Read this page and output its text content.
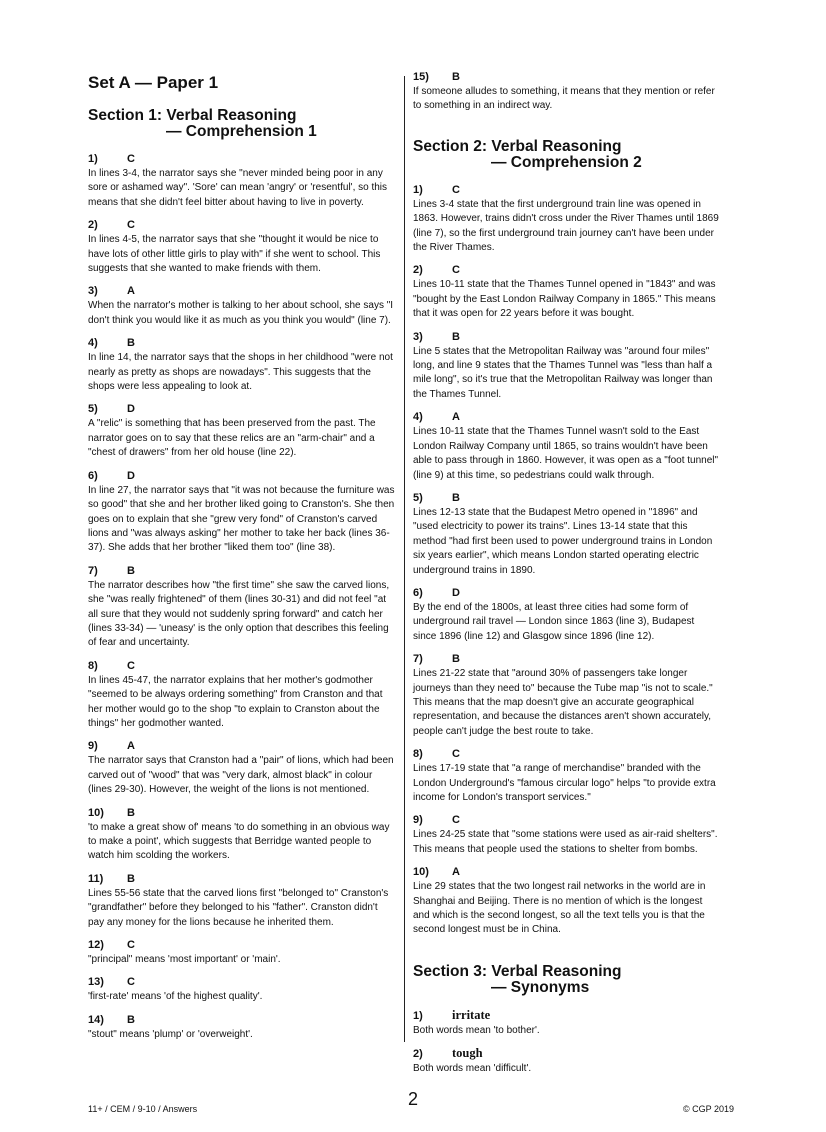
Set A — Paper 1
Section 1: Verbal Reasoning
— Comprehension 1
1)	C
In lines 3-4, the narrator says she "never minded being poor in any sore or ashamed way". 'Sore' can mean 'angry' or 'resentful', so this means that she didn't feel bitter about having to live in poverty.
2)	C
In lines 4-5, the narrator says that she "thought it would be nice to have lots of other little girls to play with" if she went to school. This suggests that she wanted to make friends with them.
3)	A
When the narrator's mother is talking to her about school, she says "I don't think you would like it as much as you think you would" (line 7).
4)	B
In line 14, the narrator says that the shops in her childhood "were not nearly as pretty as shops are nowadays". This suggests that the shops were less appealing to look at.
5)	D
A "relic" is something that has been preserved from the past. The narrator goes on to say that these relics are an "arm-chair" and a "chest of drawers" from her old house (line 22).
6)	D
In line 27, the narrator says that "it was not because the furniture was so good" that she and her brother liked going to Cranston's. She then goes on to explain that she "grew very fond" of Cranston's carved lions and "was always asking" her mother to take her back (lines 36-37). She adds that her brother "liked them too" (line 38).
7)	B
The narrator describes how "the first time" she saw the carved lions, she "was really frightened" of them (lines 30-31) and did not feel "at all sure that they would not suddenly spring forward" and catch her (lines 33-34) — 'uneasy' is the only option that describes this feeling of fear and uncertainty.
8)	C
In lines 45-47, the narrator explains that her mother's godmother "seemed to be always ordering something" from Cranston and that her mother would go to the shop "to explain to Cranston about the things" her godmother wanted.
9)	A
The narrator says that Cranston had a "pair" of lions, which had been carved out of "wood" that was "very dark, almost black" in colour (lines 29-30). However, the weight of the lions is not mentioned.
10) B
'to make a great show of' means 'to do something in an obvious way to make a point', which suggests that Berridge wanted people to watch him scolding the workers.
11) B
Lines 55-56 state that the carved lions first "belonged to" Cranston's "grandfather" before they belonged to his "father". Cranston didn't pay any money for the lions because he inherited them.
12) C
"principal" means 'most important' or 'main'.
13) C
'first-rate' means 'of the highest quality'.
14) B
"stout" means 'plump' or 'overweight'.
15) B
If someone alludes to something, it means that they mention or refer to something in an indirect way.
Section 2: Verbal Reasoning
— Comprehension 2
1)	C
Lines 3-4 state that the first underground train line was opened in 1863. However, trains didn't cross under the River Thames until 1869 (line 7), so the first underground train journey can't have been under the River Thames.
2)	C
Lines 10-11 state that the Thames Tunnel opened in "1843" and was "bought by the East London Railway Company in 1865." This means that it was open for 22 years before it was bought.
3)	B
Line 5 states that the Metropolitan Railway was "around four miles" long, and line 9 states that the Thames Tunnel was "less than half a mile long", so it's true that the Metropolitan Railway was longer than the Thames Tunnel.
4)	A
Lines 10-11 state that the Thames Tunnel wasn't sold to the East London Railway Company until 1865, so trains wouldn't have been able to pass through in 1860. However, it was open as a "foot tunnel" (line 9) at this time, so pedestrians could walk through.
5)	B
Lines 12-13 state that the Budapest Metro opened in "1896" and "used electricity to power its trains". Lines 13-14 state that this method "had first been used to power underground trains in London six years earlier", which means London started operating electric underground trains in 1890.
6)	D
By the end of the 1800s, at least three cities had some form of underground rail travel — London since 1863 (line 3), Budapest since 1896 (line 12) and Glasgow since 1896 (line 12).
7)	B
Lines 21-22 state that "around 30% of passengers take longer journeys than they need to" because the Tube map "is not to scale." This means that the map doesn't give an accurate geographical representation, and because the distances aren't shown accurately, people can't judge the best route to take.
8)	C
Lines 17-19 state that "a range of merchandise" branded with the London Underground's "famous circular logo" helps "to provide extra income for London's transport services."
9)	C
Lines 24-25 state that "some stations were used as air-raid shelters". This means that people used the stations to shelter from bombs.
10) A
Line 29 states that the two longest rail networks in the world are in Shanghai and Beijing. There is no mention of which is the longest and which is the second longest, so all the text tells you is that the second longest must be in China.
Section 3: Verbal Reasoning
— Synonyms
1) irritate
Both words mean 'to bother'.
2) tough
Both words mean 'difficult'.
11+ / CEM / 9-10 / Answers	2	© CGP 2019
